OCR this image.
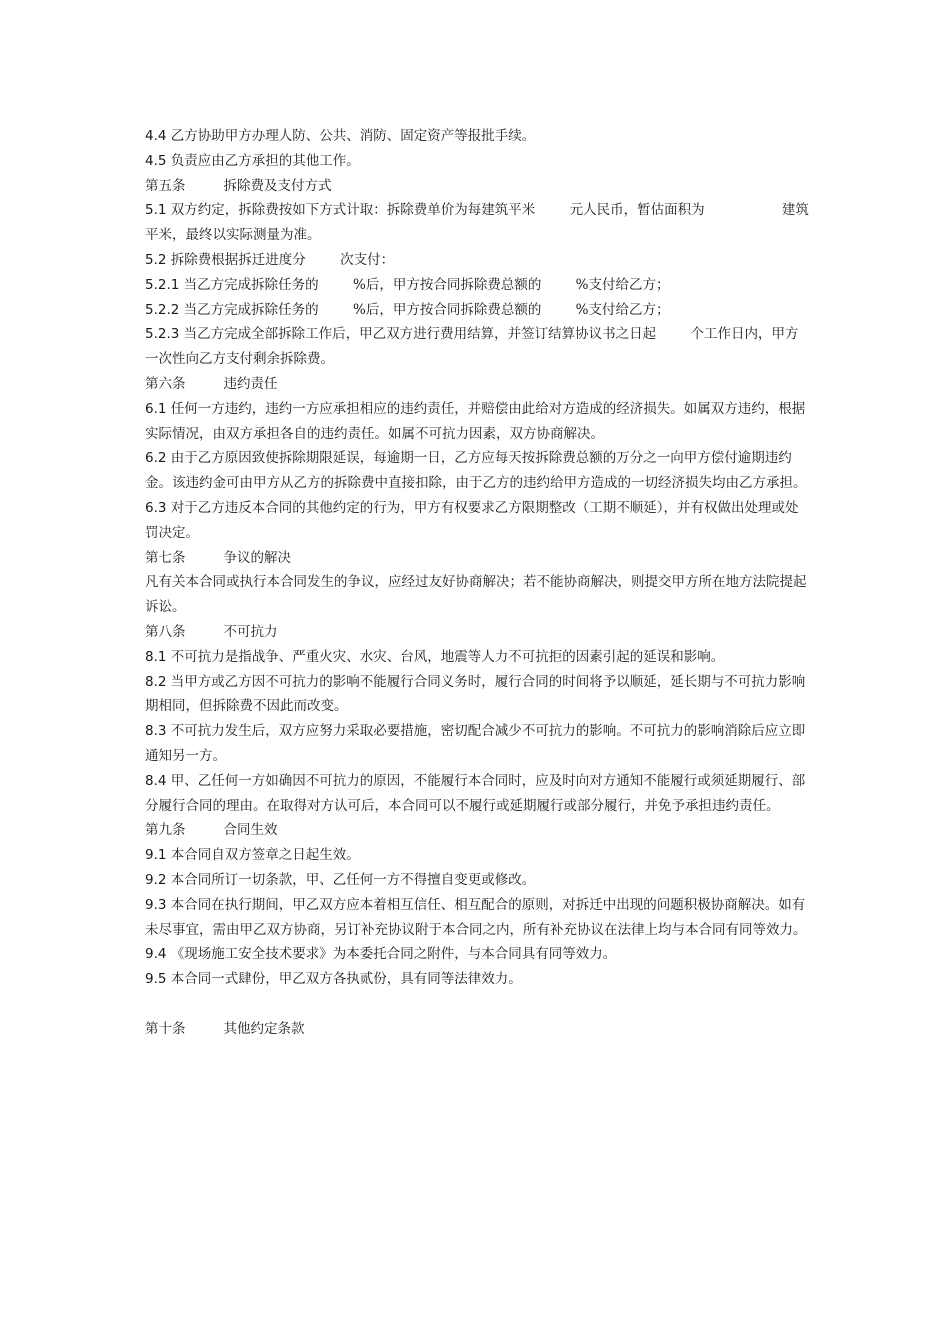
4.4 乙方协助甲方办理人防、公共、消防、固定资产等报批手续。

4.5 负责应由乙方承担的其他工作。

第五条	拆除费及支付方式

5.1 双方约定，拆除费按如下方式计取：拆除费单价为每建筑平米        元人民币，暂估面积为                  建筑平米，最终以实际测量为准。

5.2 拆除费根据拆迁进度分        次支付：

5.2.1 当乙方完成拆除任务的        %后，甲方按合同拆除费总额的        %支付给乙方；

5.2.2 当乙方完成拆除任务的        %后，甲方按合同拆除费总额的        %支付给乙方；

5.2.3 当乙方完成全部拆除工作后，甲乙双方进行费用结算，并签订结算协议书之日起        个工作日内，甲方一次性向乙方支付剩余拆除费。

第六条	违约责任

6.1 任何一方违约，违约一方应承担相应的违约责任，并赔偿由此给对方造成的经济损失。如属双方违约，根据实际情况，由双方承担各自的违约责任。如属不可抗力因素，双方协商解决。

6.2 由于乙方原因致使拆除期限延误，每逾期一日，乙方应每天按拆除费总额的万分之一向甲方偿付逾期违约金。该违约金可由甲方从乙方的拆除费中直接扣除，由于乙方的违约给甲方造成的一切经济损失均由乙方承担。

6.3 对于乙方违反本合同的其他约定的行为，甲方有权要求乙方限期整改（工期不顺延），并有权做出处理或处罚决定。

第七条	争议的解决

凡有关本合同或执行本合同发生的争议，应经过友好协商解决；若不能协商解决，则提交甲方所在地方法院提起诉讼。

第八条	不可抗力

8.1 不可抗力是指战争、严重火灾、水灾、台风，地震等人力不可抗拒的因素引起的延误和影响。

8.2 当甲方或乙方因不可抗力的影响不能履行合同义务时，履行合同的时间将予以顺延，延长期与不可抗力影响期相同，但拆除费不因此而改变。

8.3 不可抗力发生后，双方应努力采取必要措施，密切配合减少不可抗力的影响。不可抗力的影响消除后应立即通知另一方。

8.4 甲、乙任何一方如确因不可抗力的原因，不能履行本合同时，应及时向对方通知不能履行或须延期履行、部分履行合同的理由。在取得对方认可后，本合同可以不履行或延期履行或部分履行，并免予承担违约责任。

第九条	合同生效

9.1 本合同自双方签章之日起生效。

9.2 本合同所订一切条款，甲、乙任何一方不得擅自变更或修改。

9.3 本合同在执行期间，甲乙双方应本着相互信任、相互配合的原则，对拆迁中出现的问题积极协商解决。如有未尽事宜，需由甲乙双方协商，另订补充协议附于本合同之内，所有补充协议在法律上均与本合同有同等效力。

9.4 《现场施工安全技术要求》为本委托合同之附件，与本合同具有同等效力。

9.5 本合同一式肆份，甲乙双方各执贰份，具有同等法律效力。

第十条	其他约定条款
